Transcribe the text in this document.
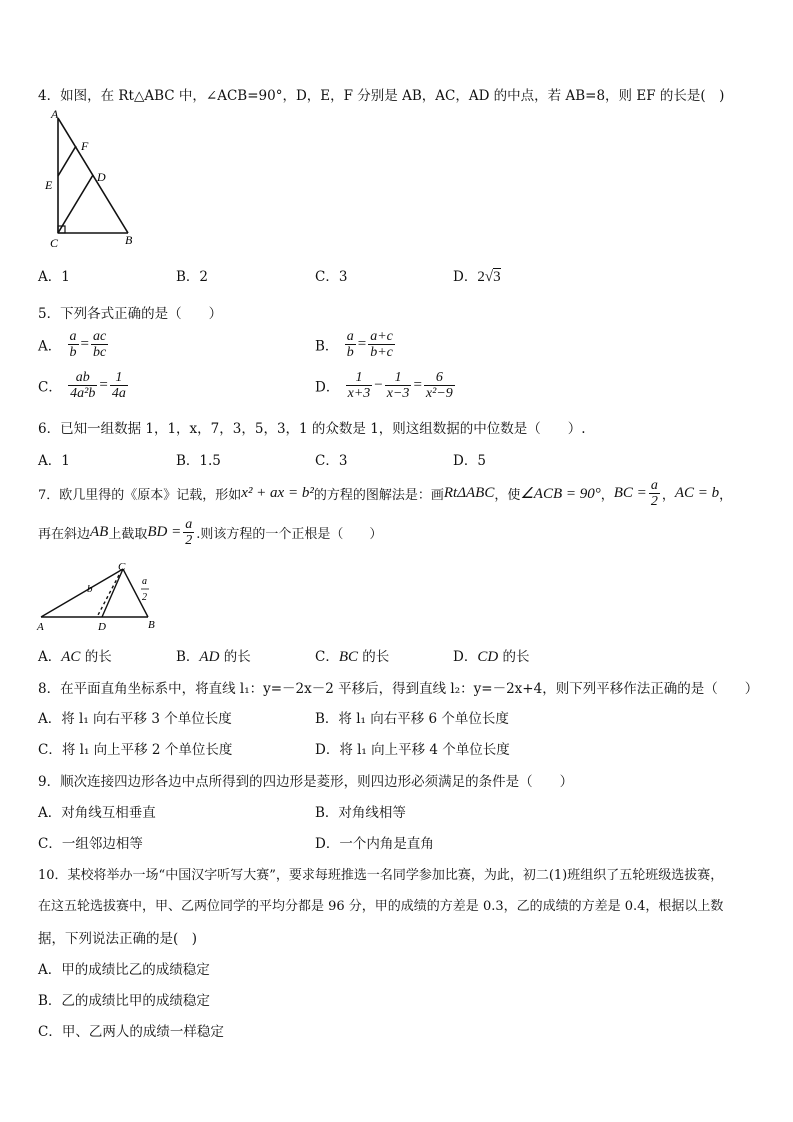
4．如图，在 Rt△ABC 中，∠ACB=90°，D，E，F 分别是 AB，AC，AD 的中点，若 AB=8，则 EF 的长是(　)
A
F
E
D
C	B
A．1	B．2	C．3	D．2√3
5．下列各式正确的是（　　）
A． $\frac{a}{b} = \frac{ac}{bc}$	B． $\frac{a}{b} = \frac{a+c}{b+c}$
C． $\frac{ab}{\text{4a²b}} = \frac{1}{4a}$	D． $\frac{1}{x+3} - \frac{1}{x-3} = \frac{6}{\text{x²−9}}$
6．已知一组数据 1，1，x，7，3，5，3，1 的众数是 1，则这组数据的中位数是（　　）.
A．1	B．1.5	C．3	D．5
7．欧几里得的《原本》记载，形如x² + ax = b²的方程的图解法是：画RtΔABC，使∠ACB = 90°，BC = $\frac{a}{2}$ ，AC = b，
再在斜边AB上截取BD = $\frac{a}{2}$ .则该方程的一个正根是（　　）
C
b
a
2
A	D	B
A．AC 的长	B．AD 的长	C．BC 的长	D．CD 的长
8．在平面直角坐标系中，将直线 l₁：y=－2x－2 平移后，得到直线 l₂：y=－2x+4，则下列平移作法正确的是（　　）
A．将 l₁ 向右平移 3 个单位长度	B．将 l₁ 向右平移 6 个单位长度
C．将 l₁ 向上平移 2 个单位长度	D．将 l₁ 向上平移 4 个单位长度
9．顺次连接四边形各边中点所得到的四边形是菱形，则四边形必须满足的条件是（　　）
A．对角线互相垂直	B．对角线相等
C．一组邻边相等	D．一个内角是直角
10．某校将举办一场“中国汉字听写大赛”，要求每班推选一名同学参加比赛，为此，初二(1)班组织了五轮班级选拔赛，
在这五轮选拔赛中，甲、乙两位同学的平均分都是 96 分，甲的成绩的方差是 0.3，乙的成绩的方差是 0.4，根据以上数
据，下列说法正确的是(　)
A．甲的成绩比乙的成绩稳定
B．乙的成绩比甲的成绩稳定
C．甲、乙两人的成绩一样稳定
